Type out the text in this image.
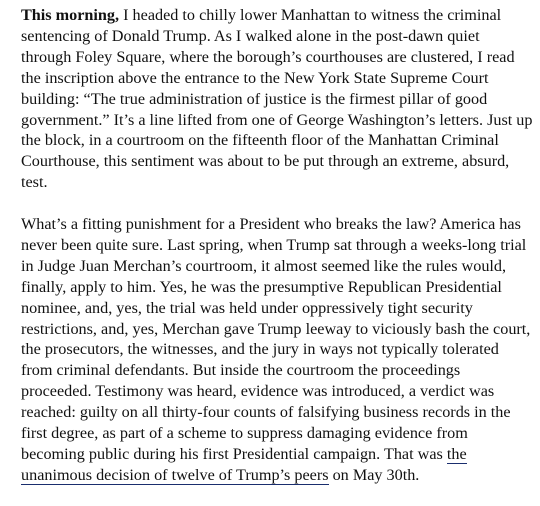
This morning, I headed to chilly lower Manhattan to witness the criminal sentencing of Donald Trump. As I walked alone in the post-dawn quiet through Foley Square, where the borough’s courthouses are clustered, I read the inscription above the entrance to the New York State Supreme Court building: “The true administration of justice is the firmest pillar of good government.” It’s a line lifted from one of George Washington’s letters. Just up the block, in a courtroom on the fifteenth floor of the Manhattan Criminal Courthouse, this sentiment was about to be put through an extreme, absurd, test.

What’s a fitting punishment for a President who breaks the law? America has never been quite sure. Last spring, when Trump sat through a weeks-long trial in Judge Juan Merchan’s courtroom, it almost seemed like the rules would, finally, apply to him. Yes, he was the presumptive Republican Presidential nominee, and, yes, the trial was held under oppressively tight security restrictions, and, yes, Merchan gave Trump leeway to viciously bash the court, the prosecutors, the witnesses, and the jury in ways not typically tolerated from criminal defendants. But inside the courtroom the proceedings proceeded. Testimony was heard, evidence was introduced, a verdict was reached: guilty on all thirty-four counts of falsifying business records in the first degree, as part of a scheme to suppress damaging evidence from becoming public during his first Presidential campaign. That was the unanimous decision of twelve of Trump’s peers on May 30th.
